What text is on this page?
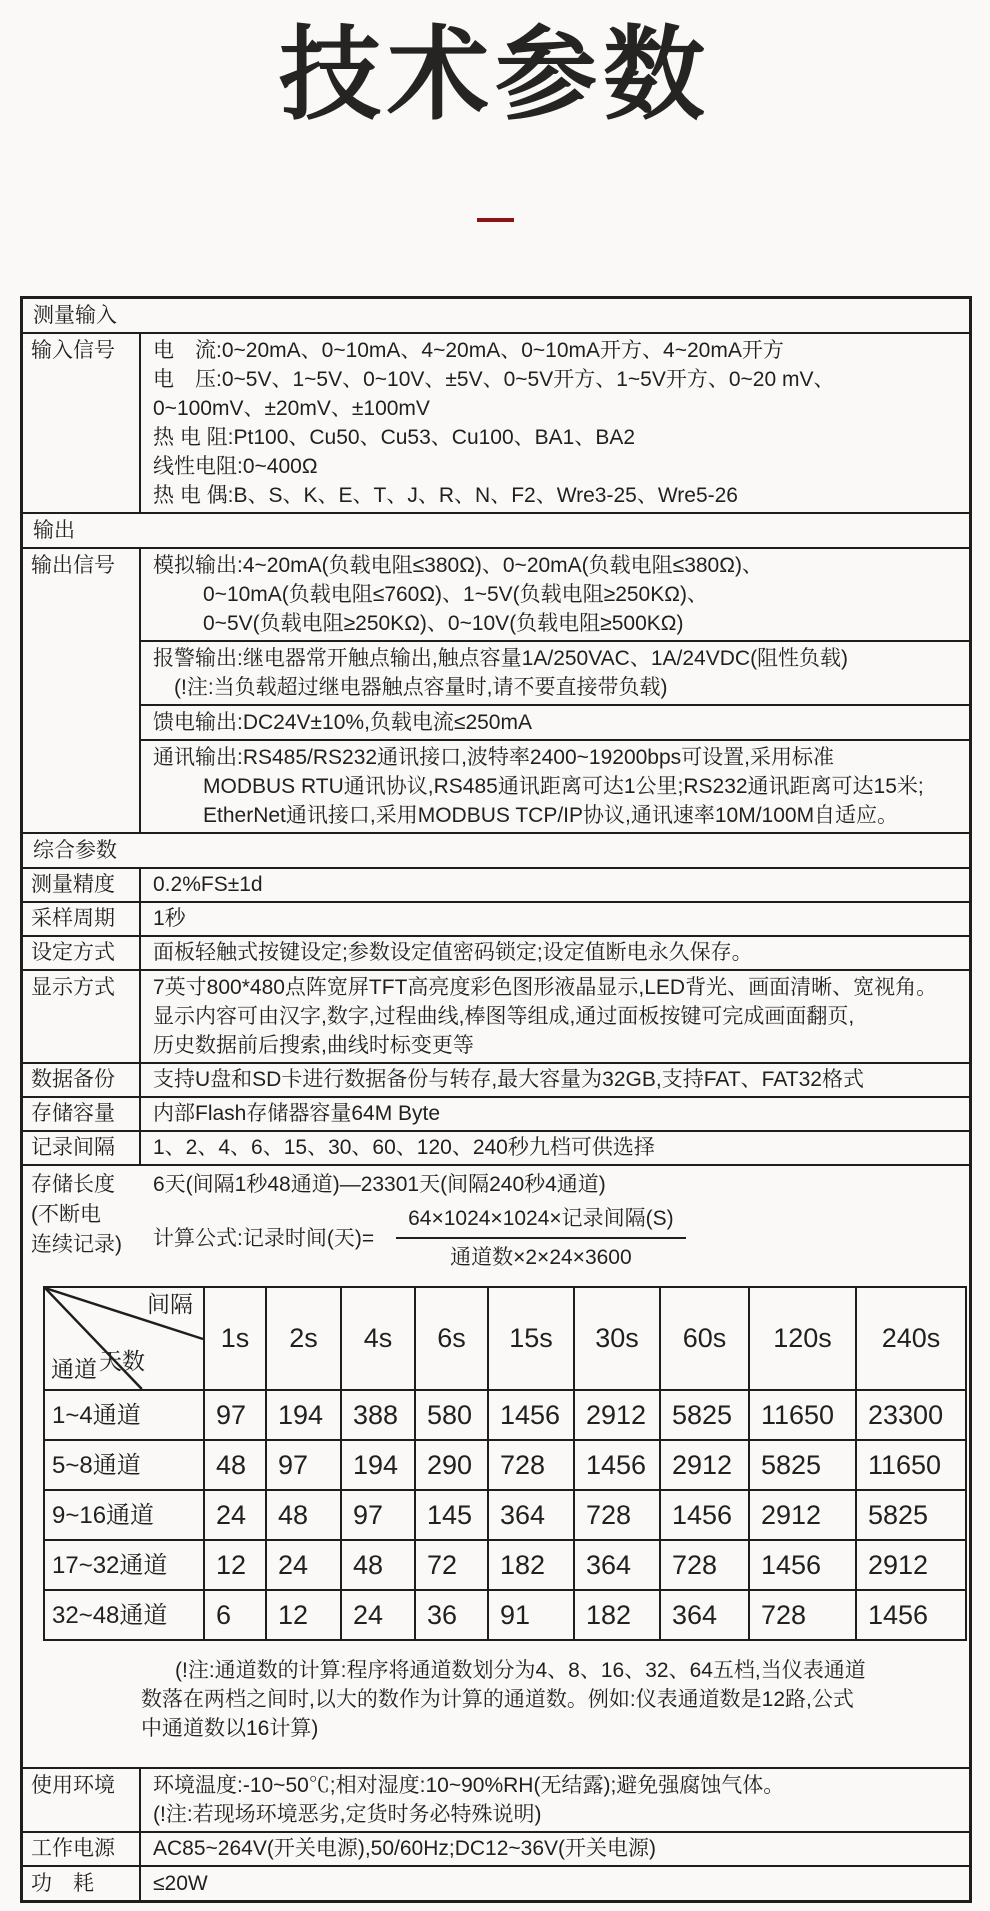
技术参数
测量输入
输入信号	电　流:0~20mA、0~10mA、4~20mA、0~10mA开方、4~20mA开方
电　压:0~5V、1~5V、0~10V、±5V、0~5V开方、1~5V开方、0~20 mV、
0~100mV、±20mV、±100mV
热 电 阻:Pt100、Cu50、Cu53、Cu100、BA1、BA2
线性电阻:0~400Ω
热 电 偶:B、S、K、E、T、J、R、N、F2、Wre3-25、Wre5-26
输出
输出信号	模拟输出:4~20mA(负载电阻≤380Ω)、0~20mA(负载电阻≤380Ω)、
0~10mA(负载电阻≤760Ω)、1~5V(负载电阻≥250KΩ)、
0~5V(负载电阻≥250KΩ)、0~10V(负载电阻≥500KΩ)
报警输出:继电器常开触点输出,触点容量1A/250VAC、1A/24VDC(阻性负载)
(!注:当负载超过继电器触点容量时,请不要直接带负载)
馈电输出:DC24V±10%,负载电流≤250mA
通讯输出:RS485/RS232通讯接口,波特率2400~19200bps可设置,采用标准
MODBUS RTU通讯协议,RS485通讯距离可达1公里;RS232通讯距离可达15米;
EtherNet通讯接口,采用MODBUS TCP/IP协议,通讯速率10M/100M自适应。
综合参数
测量精度	0.2%FS±1d
采样周期	1秒
设定方式	面板轻触式按键设定;参数设定值密码锁定;设定值断电永久保存。
显示方式	7英寸800*480点阵宽屏TFT高亮度彩色图形液晶显示,LED背光、画面清晰、宽视角。
显示内容可由汉字,数字,过程曲线,棒图等组成,通过面板按键可完成画面翻页,
历史数据前后搜索,曲线时标变更等
数据备份	支持U盘和SD卡进行数据备份与转存,最大容量为32GB,支持FAT、FAT32格式
存储容量	内部Flash存储器容量64M Byte
记录间隔	1、2、4、6、15、30、60、120、240秒九档可供选择
存储长度
(不断电
连续记录)
6天(间隔1秒48通道)—23301天(间隔240秒4通道)
计算公式:记录时间(天)= $\frac{\text{64×1024×1024×记录间隔(S)}}{\text{通道数×2×24×3600}}$
间隔
天数
通道	1s	2s	4s	6s	15s	30s	60s	120s	240s
1~4通道	97	194	388	580	1456	2912	5825	11650	23300
5~8通道	48	97	194	290	728	1456	2912	5825	11650
9~16通道	24	48	97	145	364	728	1456	2912	5825
17~32通道	12	24	48	72	182	364	728	1456	2912
32~48通道	6	12	24	36	91	182	364	728	1456
(!注:通道数的计算:程序将通道数划分为4、8、16、32、64五档,当仪表通道
数落在两档之间时,以大的数作为计算的通道数。例如:仪表通道数是12路,公式
中通道数以16计算)
使用环境	环境温度:-10~50℃;相对湿度:10~90%RH(无结露);避免强腐蚀气体。
(!注:若现场环境恶劣,定货时务必特殊说明)
工作电源	AC85~264V(开关电源),50/60Hz;DC12~36V(开关电源)
功　耗	≤20W
